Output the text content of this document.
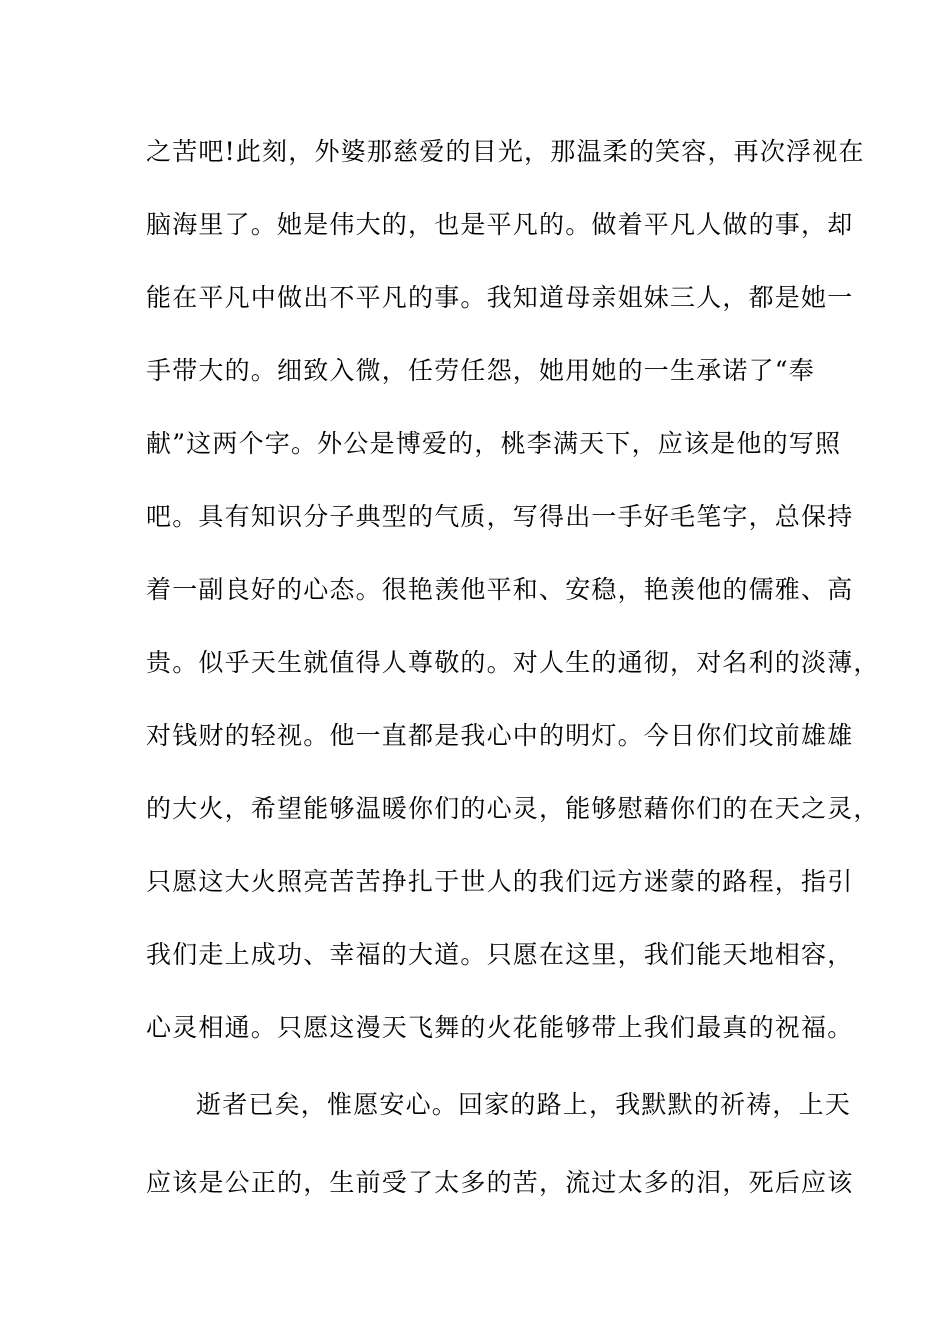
之苦吧!此刻，外婆那慈爱的目光，那温柔的笑容，再次浮视在
脑海里了。她是伟大的，也是平凡的。做着平凡人做的事，却
能在平凡中做出不平凡的事。我知道母亲姐妹三人，都是她一
手带大的。细致入微，任劳任怨，她用她的一生承诺了“奉
献”这两个字。外公是博爱的，桃李满天下，应该是他的写照
吧。具有知识分子典型的气质，写得出一手好毛笔字，总保持
着一副良好的心态。很艳羡他平和、安稳，艳羡他的儒雅、高
贵。似乎天生就值得人尊敬的。对人生的通彻，对名利的淡薄，
对钱财的轻视。他一直都是我心中的明灯。今日你们坟前雄雄
的大火，希望能够温暖你们的心灵，能够慰藉你们的在天之灵，
只愿这大火照亮苦苦挣扎于世人的我们远方迷蒙的路程，指引
我们走上成功、幸福的大道。只愿在这里，我们能天地相容，
心灵相通。只愿这漫天飞舞的火花能够带上我们最真的祝福。
逝者已矣，惟愿安心。回家的路上，我默默的祈祷，上天
应该是公正的，生前受了太多的苦，流过太多的泪，死后应该
